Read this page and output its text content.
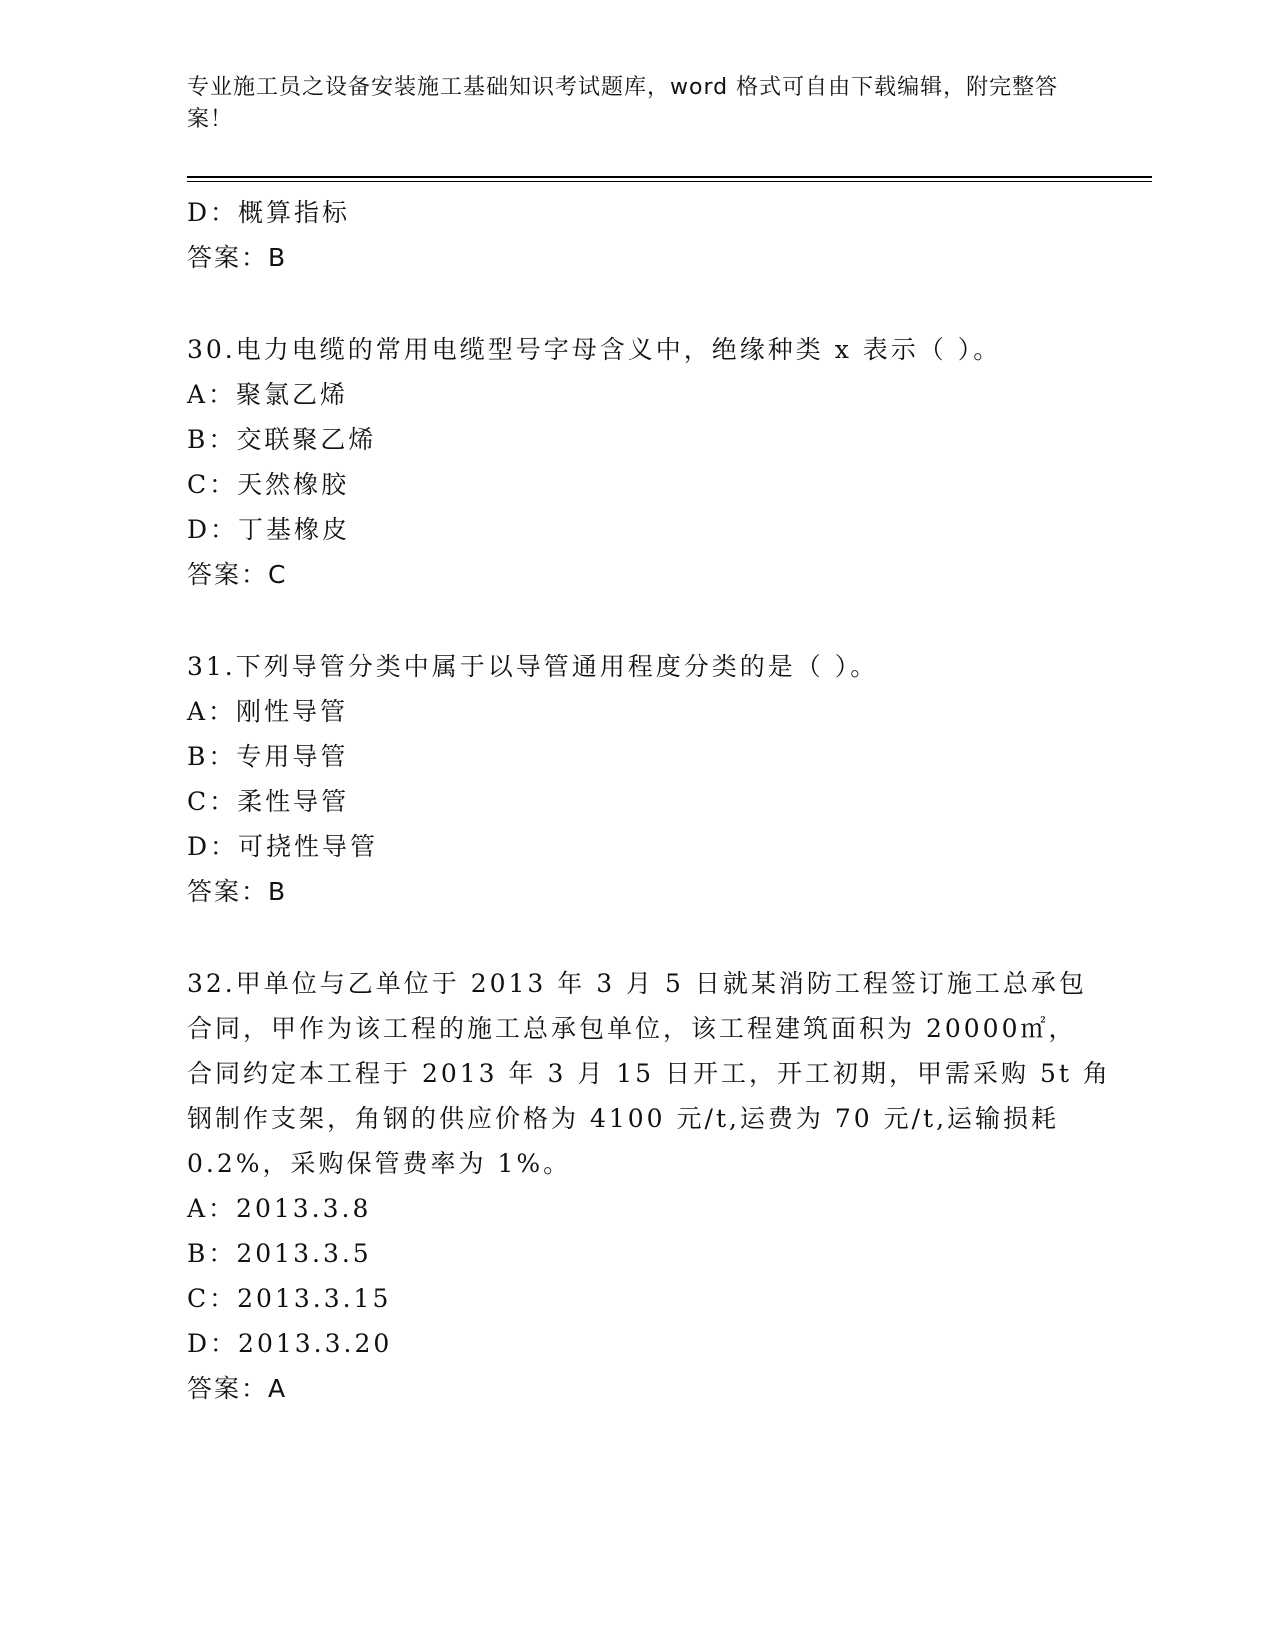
专业施工员之设备安装施工基础知识考试题库，word 格式可自由下载编辑，附完整答案！
D：概算指标
答案：B
30.电力电缆的常用电缆型号字母含义中，绝缘种类 x 表示（ ）。
A：聚氯乙烯
B：交联聚乙烯
C：天然橡胶
D：丁基橡皮
答案：C
31.下列导管分类中属于以导管通用程度分类的是（ ）。
A：刚性导管
B：专用导管
C：柔性导管
D：可挠性导管
答案：B
32.甲单位与乙单位于 2013 年 3 月 5 日就某消防工程签订施工总承包
合同，甲作为该工程的施工总承包单位，该工程建筑面积为 20000㎡，
合同约定本工程于 2013 年 3 月 15 日开工，开工初期，甲需采购 5t 角
钢制作支架，角钢的供应价格为 4100 元/t,运费为 70 元/t,运输损耗
0.2%，采购保管费率为 1%。
A：2013.3.8
B：2013.3.5
C：2013.3.15
D：2013.3.20
答案：A
